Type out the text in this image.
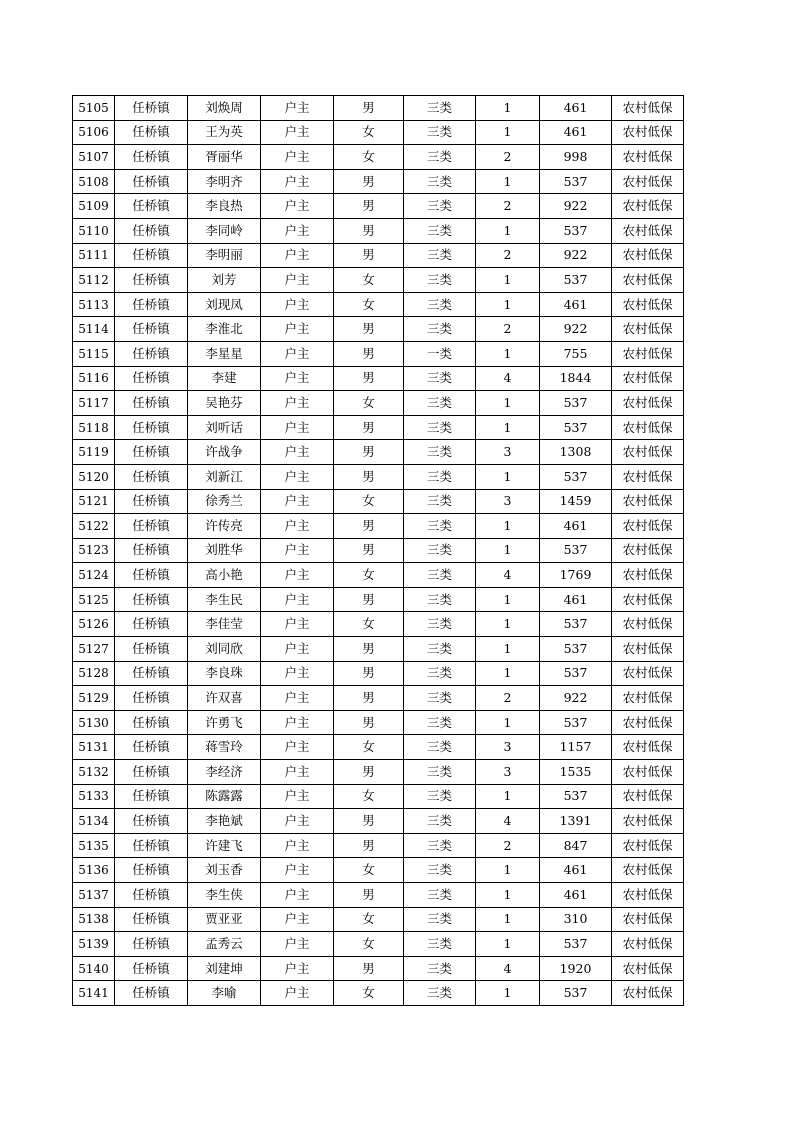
5105	任桥镇	刘焕周	户主	男	三类	1	461	农村低保
5106	任桥镇	王为英	户主	女	三类	1	461	农村低保
5107	任桥镇	胥丽华	户主	女	三类	2	998	农村低保
5108	任桥镇	李明齐	户主	男	三类	1	537	农村低保
5109	任桥镇	李良热	户主	男	三类	2	922	农村低保
5110	任桥镇	李同岭	户主	男	三类	1	537	农村低保
5111	任桥镇	李明丽	户主	男	三类	2	922	农村低保
5112	任桥镇	刘芳	户主	女	三类	1	537	农村低保
5113	任桥镇	刘现凤	户主	女	三类	1	461	农村低保
5114	任桥镇	李淮北	户主	男	三类	2	922	农村低保
5115	任桥镇	李星星	户主	男	一类	1	755	农村低保
5116	任桥镇	李建	户主	男	三类	4	1844	农村低保
5117	任桥镇	吴艳芬	户主	女	三类	1	537	农村低保
5118	任桥镇	刘听话	户主	男	三类	1	537	农村低保
5119	任桥镇	许战争	户主	男	三类	3	1308	农村低保
5120	任桥镇	刘新江	户主	男	三类	1	537	农村低保
5121	任桥镇	徐秀兰	户主	女	三类	3	1459	农村低保
5122	任桥镇	许传亮	户主	男	三类	1	461	农村低保
5123	任桥镇	刘胜华	户主	男	三类	1	537	农村低保
5124	任桥镇	高小艳	户主	女	三类	4	1769	农村低保
5125	任桥镇	李生民	户主	男	三类	1	461	农村低保
5126	任桥镇	李佳莹	户主	女	三类	1	537	农村低保
5127	任桥镇	刘同欣	户主	男	三类	1	537	农村低保
5128	任桥镇	李良珠	户主	男	三类	1	537	农村低保
5129	任桥镇	许双喜	户主	男	三类	2	922	农村低保
5130	任桥镇	许勇飞	户主	男	三类	1	537	农村低保
5131	任桥镇	蒋雪玲	户主	女	三类	3	1157	农村低保
5132	任桥镇	李经济	户主	男	三类	3	1535	农村低保
5133	任桥镇	陈露露	户主	女	三类	1	537	农村低保
5134	任桥镇	李艳斌	户主	男	三类	4	1391	农村低保
5135	任桥镇	许建飞	户主	男	三类	2	847	农村低保
5136	任桥镇	刘玉香	户主	女	三类	1	461	农村低保
5137	任桥镇	李生侠	户主	男	三类	1	461	农村低保
5138	任桥镇	贾亚亚	户主	女	三类	1	310	农村低保
5139	任桥镇	孟秀云	户主	女	三类	1	537	农村低保
5140	任桥镇	刘建坤	户主	男	三类	4	1920	农村低保
5141	任桥镇	李喻	户主	女	三类	1	537	农村低保
